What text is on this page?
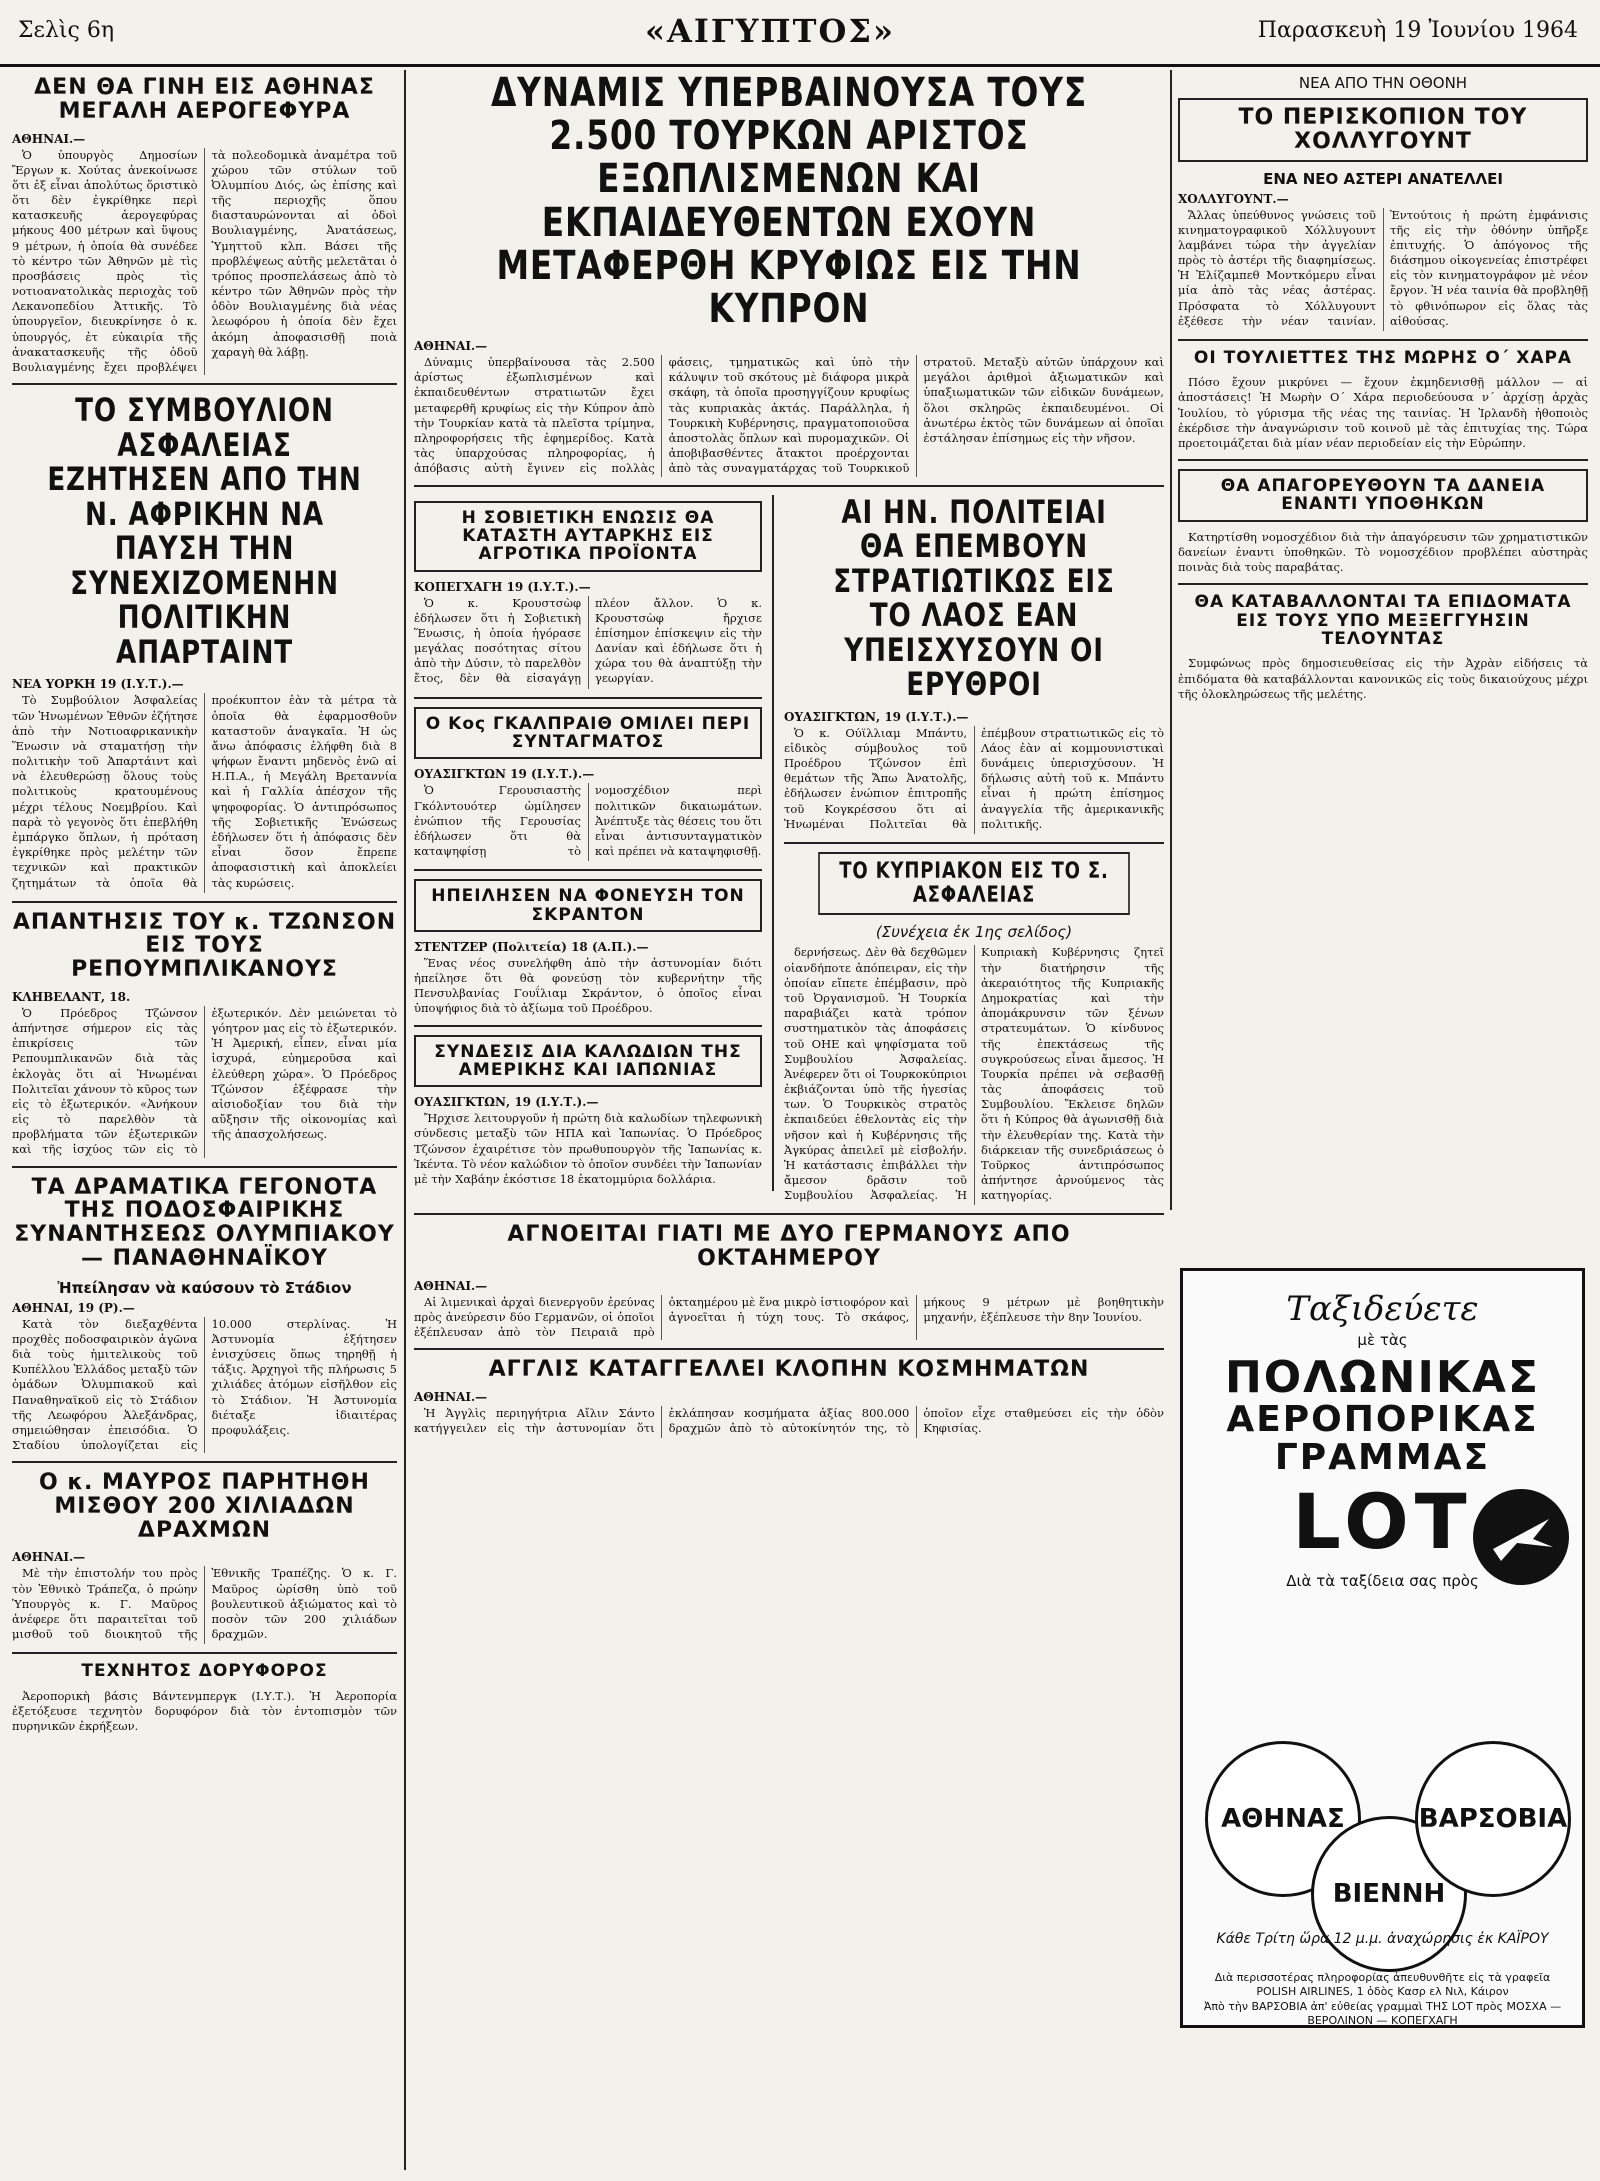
Σελὶς 6η	«ΑΙΓΥΠΤΟΣ»	Παρασκευὴ 19 Ἰουνίου 1964
ΔΕΝ ΘΑ ΓΙΝΗ ΕΙΣ ΑΘΗΝΑΣ ΜΕΓΑΛΗ ΑΕΡΟΓΕΦΥΡΑ
ΑΘΗΝΑΙ.—

Ὁ ὑπουργὸς Δημοσίων Ἔργων κ. Χούτας ἀνεκοίνωσε ὅτι ἐξ εἶναι ἀπολύτως ὅριστικὸ ὅτι δὲν ἐγκρίθηκε περὶ κατασκευῆς ἀερογεφύρας μήκους 400 μέτρων καὶ ὕψους 9 μέτρων, ἡ ὁποία θὰ συνέδεε τὸ κέντρο τῶν Ἀθηνῶν μὲ τὶς προσβάσεις πρὸς τὶς νοτιοανατολικὰς περιοχὰς τοῦ Λεκανοπεδίου Ἀττικῆς. Τὸ ὑπουργεῖον, διευκρίνησε ὁ κ. ὑπουργός, ἐτ εὐκαιρία τῆς ἀνακατασκευῆς τῆς ὁδοῦ Βουλιαγμένης ἔχει προβλέψει τὰ πολεοδομικὰ ἀναμέτρα τοῦ χώρου τῶν στύλων τοῦ Ὀλυμπίου Διός, ὡς ἐπίσης καὶ τῆς περιοχῆς ὅπου διασταυρώνονται αἱ ὁδοὶ Βουλιαγμένης, Ἀνατάσεως, Ὑμηττοῦ κλπ. Βάσει τῆς προβλέψεως αὐτῆς μελετᾶται ὁ τρόπος προσπελάσεως ἀπὸ τὸ κέντρο τῶν Ἀθηνῶν πρὸς τὴν ὁδὸν Βουλιαγμένης διὰ νέας λεωφόρου ἡ ὁποία δὲν ἔχει ἀκόμη ἀποφασισθῇ ποιὰ χαραγὴ θὰ λάβῃ.

ΤΟ ΣΥΜΒΟΥΛΙΟΝ ΑΣΦΑΛΕΙΑΣ ΕΖΗΤΗΣΕΝ ΑΠΟ ΤΗΝ Ν. ΑΦΡΙΚΗΝ ΝΑ ΠΑΥΣΗ ΤΗΝ ΣΥΝΕΧΙΖΟΜΕΝΗΝ ΠΟΛΙΤΙΚΗΝ ΑΠΑΡΤΑΙΝΤ
ΝΕΑ ΥΟΡΚΗ 19 (Ι.Υ.Τ.).—

Τὸ Συμβούλιον Ἀσφαλείας τῶν Ἡνωμένων Ἐθνῶν ἐζήτησε ἀπὸ τὴν Νοτιοαφρικανικὴν Ἕνωσιν νὰ σταματήσῃ τὴν πολιτικὴν τοῦ Ἀπαρτάιντ καὶ νὰ ἐλευθερώσῃ ὅλους τοὺς πολιτικοὺς κρατουμένους μέχρι τέλους Νοεμβρίου. Καὶ παρὰ τὸ γεγονὸς ὅτι ἐπεβλήθη ἐμπάργκο ὅπλων, ἡ πρόταση ἐγκρίθηκε πρὸς μελέτην τῶν τεχνικῶν καὶ πρακτικῶν ζητημάτων τὰ ὁποῖα θὰ προέκυπτον ἐὰν τὰ μέτρα τὰ ὁποῖα θὰ ἐφαρμοσθοῦν καταστοῦν ἀναγκαῖα. Ἡ ὡς ἄνω ἀπόφασις ἐλήφθη διὰ 8 ψήφων ἔναντι μηδενὸς ἐνῶ αἱ Η.Π.Α., ἡ Μεγάλη Βρεταννία καὶ ἡ Γαλλία ἀπέσχον τῆς ψηφοφορίας. Ὁ ἀντιπρόσωπος τῆς Σοβιετικῆς Ἑνώσεως ἐδήλωσεν ὅτι ἡ ἀπόφασις δὲν εἶναι ὅσον ἔπρεπε ἀποφασιστικὴ καὶ ἀποκλείει τὰς κυρώσεις.

ΑΠΑΝΤΗΣΙΣ ΤΟΥ κ. ΤΖΩΝΣΟΝ ΕΙΣ ΤΟΥΣ ΡΕΠΟΥΜΠΛΙΚΑΝΟΥΣ
ΚΛΗΒΕΛΑΝΤ, 18.

Ὁ Πρόεδρος Τζώνσον ἀπήντησε σήμερον εἰς τὰς ἐπικρίσεις τῶν Ρεπουμπλικανῶν διὰ τὰς ἐκλογὰς ὅτι αἱ Ἡνωμέναι Πολιτεῖαι χάνουν τὸ κῦρος των εἰς τὸ ἐξωτερικόν. «Ἀνήκουν εἰς τὸ παρελθὸν τὰ προβλήματα τῶν ἐξωτερικῶν καὶ τῆς ἰσχύος τῶν εἰς τὸ ἐξωτερικόν. Δὲν μειώνεται τὸ γόητρον μας εἰς τὸ ἐξωτερικόν. Ἡ Ἀμερική, εἶπεν, εἶναι μία ἰσχυρά, εὐημεροῦσα καὶ ἐλεύθερη χώρα». Ὁ Πρόεδρος Τζώνσον ἐξέφρασε τὴν αἰσιοδοξίαν του διὰ τὴν αὔξησιν τῆς οἰκονομίας καὶ τῆς ἀπασχολήσεως.

ΤΑ ΔΡΑΜΑΤΙΚΑ ΓΕΓΟΝΟΤΑ ΤΗΣ ΠΟΔΟΣΦΑΙΡΙΚΗΣ ΣΥΝΑΝΤΗΣΕΩΣ ΟΛΥΜΠΙΑΚΟΥ — ΠΑΝΑΘΗΝΑΪΚΟΥ
Ἠπείλησαν νὰ καύσουν τὸ Στάδιον
ΑΘΗΝΑΙ, 19 (Ρ).—

Κατὰ τὸν διεξαχθέντα προχθὲς ποδοσφαιρικὸν ἀγῶνα διὰ τοὺς ἡμιτελικοὺς τοῦ Κυπέλλου Ἑλλάδος μεταξὺ τῶν ὁμάδων Ὀλυμπιακοῦ καὶ Παναθηναϊκοῦ εἰς τὸ Στάδιον τῆς Λεωφόρου Ἀλεξάνδρας, σημειώθησαν ἐπεισόδια. Ὁ Σταδίου ὑπολογίζεται εἰς 10.000 στερλίνας. Ἡ Ἀστυνομία ἐξήτησεν ἐνισχύσεις ὅπως τηρηθῇ ἡ τάξις. Ἀρχηγοὶ τῆς πλήρωσις 5 χιλιάδες ἀτόμων εἰσῆλθον εἰς τὸ Στάδιον. Ἡ Ἀστυνομία διέταξε ἰδιαιτέρας προφυλάξεις.

Ο κ. ΜΑΥΡΟΣ ΠΑΡΗΤΗΘΗ ΜΙΣΘΟΥ 200 ΧΙΛΙΑΔΩΝ ΔΡΑΧΜΩΝ
ΑΘΗΝΑΙ.—

Μὲ τὴν ἐπιστολήν του πρὸς τὸν Ἐθνικὸ Τράπεζα, ὁ πρώην Ὑπουργὸς κ. Γ. Μαῦρος ἀνέφερε ὅτι παραιτεῖται τοῦ μισθοῦ τοῦ διοικητοῦ τῆς Ἐθνικῆς Τραπέζης. Ὁ κ. Γ. Μαῦρος ὡρίσθη ὑπὸ τοῦ βουλευτικοῦ ἀξιώματος καὶ τὸ ποσὸν τῶν 200 χιλιάδων δραχμῶν.

ΤΕΧΝΗΤΟΣ ΔΟΡΥΦΟΡΟΣ

Ἀεροπορικὴ βάσις Βάντενμπεργκ (Ι.Υ.Τ.). Ἡ Ἀεροπορία ἐξετόξευσε τεχνητὸν δορυφόρον διὰ τὸν ἐντοπισμὸν τῶν πυρηνικῶν ἐκρήξεων.

ΔΥΝΑΜΙΣ ΥΠΕΡΒΑΙΝΟΥΣΑ ΤΟΥΣ 2.500 ΤΟΥΡΚΩΝ ΑΡΙΣΤΟΣ ΕΞΩΠΛΙΣΜΕΝΩΝ ΚΑΙ ΕΚΠΑΙΔΕΥΘΕΝΤΩΝ ΕΧΟΥΝ ΜΕΤΑΦΕΡΘΗ ΚΡΥΦΙΩΣ ΕΙΣ ΤΗΝ ΚΥΠΡΟΝ
ΑΘΗΝΑΙ.—

Δύναμις ὑπερβαίνουσα τὰς 2.500 ἀρίστως ἐξωπλισμένων καὶ ἐκπαιδευθέντων στρατιωτῶν ἔχει μεταφερθῆ κρυφίως εἰς τὴν Κύπρον ἀπὸ τὴν Τουρκίαν κατὰ τὰ πλεῖστα τρίμηνα, πληροφορήσεις τῆς ἐφημερίδος. Κατὰ τὰς ὑπαρχούσας πληροφορίας, ἡ ἀπόβασις αὐτὴ ἔγινεν εἰς πολλὰς φάσεις, τμηματικῶς καὶ ὑπὸ τὴν κάλυψιν τοῦ σκότους μὲ διάφορα μικρὰ σκάφη, τὰ ὁποῖα προσηγγίζουν κρυφίως τὰς κυπριακὰς ἀκτάς. Παράλληλα, ἡ Τουρκικὴ Κυβέρνησις, πραγματοποιοῦσα ἀποστολὰς ὅπλων καὶ πυρομαχικῶν. Οἱ ἀποβιβασθέντες ἄτακτοι προέρχονται ἀπὸ τὰς συναγματάρχας τοῦ Τουρκικοῦ στρατοῦ. Μεταξὺ αὐτῶν ὑπάρχουν καὶ μεγάλοι ἀριθμοὶ ἀξιωματικῶν καὶ ὑπαξιωματικῶν τῶν εἰδικῶν δυνάμεων, ὅλοι σκληρῶς ἐκπαιδευμένοι. Οἱ ἀνωτέρω ἐκτὸς τῶν δυνάμεων αἱ ὁποῖαι ἐστάλησαν ἐπίσημως εἰς τὴν νῆσον.

Η ΣΟΒΙΕΤΙΚΗ ΕΝΩΣΙΣ ΘΑ ΚΑΤΑΣΤΗ ΑΥΤΑΡΚΗΣ ΕΙΣ ΑΓΡΟΤΙΚΑ ΠΡΟΪΟΝΤΑ
ΚΟΠΕΓΧΑΓΗ 19 (Ι.Υ.Τ.).—

Ὁ κ. Κρουστσὼφ ἐδήλωσεν ὅτι ἡ Σοβιετικὴ Ἕνωσις, ἡ ὁποία ἠγόρασε μεγάλας ποσότητας σίτου ἀπὸ τὴν Δύσιν, τὸ παρελθὸν ἔτος, δὲν θὰ εἰσαγάγῃ πλέον ἄλλον. Ὁ κ. Κρουστσὼφ ἤρχισε ἐπίσημον ἐπίσκεψιν εἰς τὴν Δανίαν καὶ ἐδήλωσε ὅτι ἡ χώρα του θὰ ἀναπτύξῃ τὴν γεωργίαν.

Ο Κος ΓΚΑΛΠΡΑΙΘ ΟΜΙΛΕΙ ΠΕΡΙ ΣΥΝΤΑΓΜΑΤΟΣ
ΟΥΑΣΙΓΚΤΩΝ 19 (Ι.Υ.Τ.).—

Ὁ Γερουσιαστὴς Γκόλντουότερ ὡμίλησεν ἐνώπιον τῆς Γερουσίας ἐδήλωσεν ὅτι θὰ καταψηφίσῃ τὸ νομοσχέδιον περὶ πολιτικῶν δικαιωμάτων. Ἀνέπτυξε τὰς θέσεις του ὅτι εἶναι ἀντισυνταγματικὸν καὶ πρέπει νὰ καταψηφισθῇ.

ΗΠΕΙΛΗΣΕΝ ΝΑ ΦΟΝΕΥΣΗ ΤΟΝ ΣΚΡΑΝΤΟΝ
ΣΤΕΝΤΖΕΡ (Πολιτεία) 18 (Α.Π.).—

Ἕνας νέος συνελήφθη ἀπὸ τὴν ἀστυνομίαν διότι ἠπείλησε ὅτι θὰ φονεύσῃ τὸν κυβερνήτην τῆς Πενσυλβανίας Γουΐλιαμ Σκράντον, ὁ ὁποῖος εἶναι ὑποψήφιος διὰ τὸ ἀξίωμα τοῦ Προέδρου.

ΣΥΝΔΕΣΙΣ ΔΙΑ ΚΑΛΩΔΙΩΝ ΤΗΣ ΑΜΕΡΙΚΗΣ ΚΑΙ ΙΑΠΩΝΙΑΣ
ΟΥΑΣΙΓΚΤΩΝ, 19 (Ι.Υ.Τ.).—

Ἤρχισε λειτουργοῦν ἡ πρώτη διὰ καλωδίων τηλεφωνικὴ σύνδεσις μεταξὺ τῶν ΗΠΑ καὶ Ἰαπωνίας. Ὁ Πρόεδρος Τζώνσον ἐχαιρέτισε τὸν πρωθυπουργὸν τῆς Ἰαπωνίας κ. Ἰκέντα. Τὸ νέον καλώδιον τὸ ὁποῖον συνδέει τὴν Ἰαπωνίαν μὲ τὴν Χαβάην ἐκόστισε 18 ἑκατομμύρια δολλάρια.

ΑΙ ΗΝ. ΠΟΛΙΤΕΙΑΙ ΘΑ ΕΠΕΜΒΟΥΝ ΣΤΡΑΤΙΩΤΙΚΩΣ ΕΙΣ ΤΟ ΛΑΟΣ ΕΑΝ ΥΠΕΙΣΧΥΣΟΥΝ ΟΙ ΕΡΥΘΡΟΙ
ΟΥΑΣΙΓΚΤΩΝ, 19 (Ι.Υ.Τ.).—

Ὁ κ. Ούϊλλιαμ Μπάντυ, εἰδικὸς σύμβουλος τοῦ Προέδρου Τζώνσον ἐπὶ θεμάτων τῆς Ἄπω Ἀνατολῆς, ἐδήλωσεν ἐνώπιον ἐπιτροπῆς τοῦ Κογκρέσσου ὅτι αἱ Ἡνωμέναι Πολιτεῖαι θὰ ἐπέμβουν στρατιωτικῶς εἰς τὸ Λάος ἐὰν αἱ κομμουνιστικαὶ δυνάμεις ὑπερισχύσουν. Ἡ δήλωσις αὐτὴ τοῦ κ. Μπάντυ εἶναι ἡ πρώτη ἐπίσημος ἀναγγελία τῆς ἀμερικανικῆς πολιτικῆς.

ΤΟ ΚΥΠΡΙΑΚΟΝ ΕΙΣ ΤΟ Σ. ΑΣΦΑΛΕΙΑΣ
(Συνέχεια ἐκ 1ης σελίδος)

δερνήσεως. Δὲν θὰ δεχθῶμεν οἱανδήποτε ἀπόπειραν, εἰς τὴν ὁποίαν εἴπετε ἐπέμβασιν, πρὸ τοῦ Ὀργανισμοῦ. Ἡ Τουρκία παραβιάζει κατὰ τρόπον συστηματικὸν τὰς ἀποφάσεις τοῦ ΟΗΕ καὶ ψηφίσματα τοῦ Συμβουλίου Ἀσφαλείας. Ἀνέφερεν ὅτι οἱ Τουρκοκύπριοι ἐκβιάζονται ὑπὸ τῆς ἡγεσίας των. Ὁ Τουρκικὸς στρατὸς ἐκπαιδεύει ἐθελοντὰς εἰς τὴν νῆσον καὶ ἡ Κυβέρνησις τῆς Ἀγκύρας ἀπειλεῖ μὲ εἰσβολήν. Ἡ κατάστασις ἐπιβάλλει τὴν ἄμεσον δρᾶσιν τοῦ Συμβουλίου Ἀσφαλείας. Ἡ Κυπριακὴ Κυβέρνησις ζητεῖ τὴν διατήρησιν τῆς ἀκεραιότητος τῆς Κυπριακῆς Δημοκρατίας καὶ τὴν ἀπομάκρυνσιν τῶν ξένων στρατευμάτων. Ὁ κίνδυνος τῆς ἐπεκτάσεως τῆς συγκρούσεως εἶναι ἄμεσος. Ἡ Τουρκία πρέπει νὰ σεβασθῇ τὰς ἀποφάσεις τοῦ Συμβουλίου. Ἔκλεισε δηλῶν ὅτι ἡ Κύπρος θὰ ἀγωνισθῇ διὰ τὴν ἐλευθερίαν της. Κατὰ τὴν διάρκειαν τῆς συνεδριάσεως ὁ Τοῦρκος ἀντιπρόσωπος ἀπήντησε ἀρνούμενος τὰς κατηγορίας.

ΑΓΝΟΕΙΤΑΙ ΓΙΑΤΙ ΜΕ ΔΥΟ ΓΕΡΜΑΝΟΥΣ ΑΠΟ ΟΚΤΑΗΜΕΡΟΥ
ΑΘΗΝΑΙ.—

Αἱ λιμενικαὶ ἀρχαὶ διενεργοῦν ἐρεύνας πρὸς ἀνεύρεσιν δύο Γερμανῶν, οἱ ὁποῖοι ἐξέπλευσαν ἀπὸ τὸν Πειραιᾶ πρὸ ὀκταημέρου μὲ ἕνα μικρὸ ἱστιοφόρον καὶ ἀγνοεῖται ἡ τύχη τους. Τὸ σκάφος, μήκους 9 μέτρων μὲ βοηθητικὴν μηχανήν, ἐξέπλευσε τὴν 8ην Ἰουνίου.

ΑΓΓΛΙΣ ΚΑΤΑΓΓΕΛΛΕΙ ΚΛΟΠΗΝ ΚΟΣΜΗΜΑΤΩΝ
ΑΘΗΝΑΙ.—

Ἡ Ἀγγλὶς περιηγήτρια Αἴλιν Σάντο κατήγγειλεν εἰς τὴν ἀστυνομίαν ὅτι ἐκλάπησαν κοσμήματα ἀξίας 800.000 δραχμῶν ἀπὸ τὸ αὐτοκίνητόν της, τὸ ὁποῖον εἶχε σταθμεύσει εἰς τὴν ὁδὸν Κηφισίας.

ΝΕΑ ΑΠΟ ΤΗΝ ΟΘΟΝΗ
ΤΟ ΠΕΡΙΣΚΟΠΙΟΝ ΤΟΥ ΧΟΛΛΥΓΟΥΝΤ
ΕΝΑ ΝΕΟ ΑΣΤΕΡΙ ΑΝΑΤΕΛΛΕΙ
ΧΟΛΛΥΓΟΥΝΤ.—

Ἄλλας ὑπεύθυνος γνώσεις τοῦ κινηματογραφικοῦ Χόλλυγουντ λαμβάνει τώρα τὴν ἀγγελίαν πρὸς τὸ ἀστέρι τῆς διαφημίσεως. Ἡ Ἐλίζαμπεθ Μοντκόμερυ εἶναι μία ἀπὸ τὰς νέας ἀστέρας. Πρόσφατα τὸ Χόλλυγουντ ἐξέθεσε τὴν νέαν ταινίαν. Ἐντούτοις ἡ πρώτη ἐμφάνισις τῆς εἰς τὴν ὀθόνην ὑπῆρξε ἐπιτυχής. Ὁ ἀπόγονος τῆς διάσημου οἰκογενείας ἐπιστρέφει εἰς τὸν κινηματογράφον μὲ νέον ἔργον. Ἡ νέα ταινία θὰ προβληθῇ τὸ φθινόπωρον εἰς ὅλας τὰς αἰθούσας.

ΟΙ ΤΟΥΛΙΕΤΤΕΣ ΤΗΣ ΜΩΡΗΣ Ο΄ ΧΑΡΑ

Πόσο ἔχουν μικρύνει — ἔχουν ἐκμηδενισθῇ μάλλον — αἱ ἀποστάσεις! Ἡ Μωρὴν Ο΄ Χάρα περιοδεύουσα ν΄ ἀρχίσῃ ἀρχὰς Ἰουλίου, τὸ γύρισμα τῆς νέας της ταινίας. Ἡ Ἰρλανδὴ ἠθοποιὸς ἐκέρδισε τὴν ἀναγνώρισιν τοῦ κοινοῦ μὲ τὰς ἐπιτυχίας της. Τώρα προετοιμάζεται διὰ μίαν νέαν περιοδείαν εἰς τὴν Εὐρώπην.

ΘΑ ΑΠΑΓΟΡΕΥΘΟΥΝ ΤΑ ΔΑΝΕΙΑ ΕΝΑΝΤΙ ΥΠΟΘΗΚΩΝ

Κατηρτίσθη νομοσχέδιον διὰ τὴν ἀπαγόρευσιν τῶν χρηματιστικῶν δανείων ἐναντι ὑποθηκῶν. Τὸ νομοσχέδιον προβλέπει αὐστηρὰς ποινὰς διὰ τοὺς παραβάτας.

ΘΑ ΚΑΤΑΒΑΛΛΟΝΤΑΙ ΤΑ ΕΠΙΔΟΜΑΤΑ ΕΙΣ ΤΟΥΣ ΥΠΟ ΜΕΞΕΓΓΥΗΣΙΝ ΤΕΛΟΥΝΤΑΣ

Συμφώνως πρὸς δημοσιευθείσας εἰς τὴν Ἀχρὰν εἰδήσεις τὰ ἐπιδόματα θὰ καταβάλλονται κανονικῶς εἰς τοὺς δικαιούχους μέχρι τῆς ὁλοκληρώσεως τῆς μελέτης.

Ταξιδεύετε
μὲ τὰς
ΠΟΛΩΝΙΚΑΣ
ΑΕΡΟΠΟΡΙΚΑΣ
ΓΡΑΜΜΑΣ
LOT
Διὰ τὰ ταξίδεια σας πρὸς
ΑΘΗΝΑΣ
ΒΙΕΝΝΗ
ΒΑΡΣΟΒΙΑ
Κάθε Τρίτη ὥρα 12 μ.μ. ἀναχώρησις ἐκ ΚΑΪΡΟΥ
Διὰ περισσοτέρας πληροφορίας ἀπευθυνθῆτε εἰς τὰ γραφεῖα
POLISH AIRLINES, 1 ὁδὸς Κασρ ελ Νιλ, Κάιρον
Ἀπὸ τὴν ΒΑΡΣΟΒΙΑ ἀπ' εὐθείας γραμμαὶ ΤΗΣ LOT πρὸς ΜΟΣΧΑ — ΒΕΡΟΛΙΝΟΝ — ΚΟΠΕΓΧΑΓΗ
